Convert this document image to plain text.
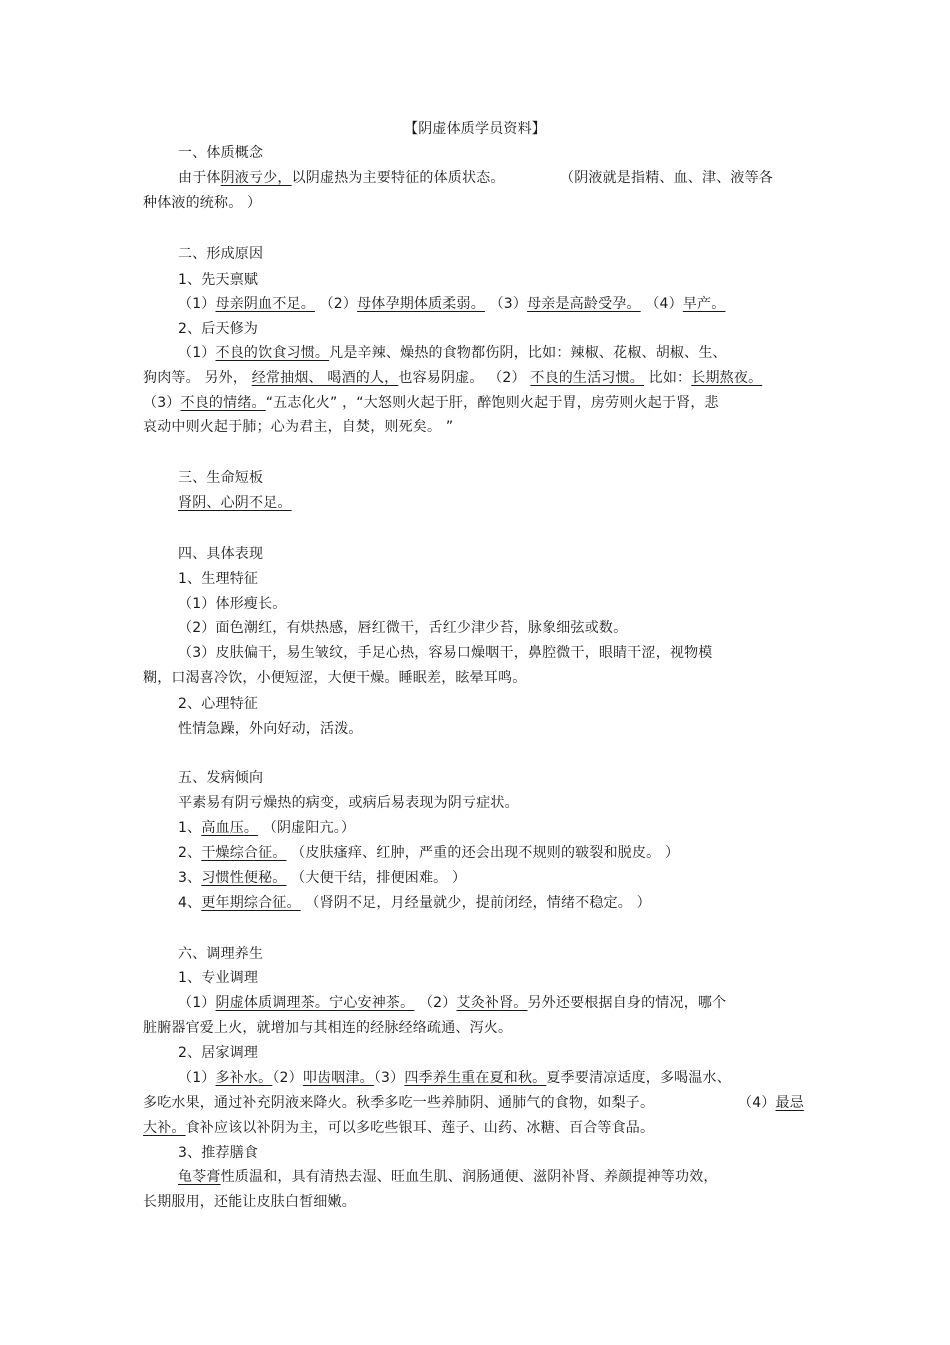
【阴虚体质学员资料】
一、体质概念
由于体阴液亏少，以阴虚热为主要特征的体质状态。	（阴液就是指精、血、津、液等各
种体液的统称。 ）
二、形成原因
1、先天禀赋
（1）母亲阴血不足。 （2）母体孕期体质柔弱。 （3）母亲是高龄受孕。 （4）早产。
2、后天修为
（1）不良的饮食习惯。凡是辛辣、燥热的食物都伤阴，比如：辣椒、花椒、胡椒、生、
狗肉等。 另外， 经常抽烟、 喝酒的人，也容易阴虚。 （2） 不良的生活习惯。 比如：长期熬夜。
（3）不良的情绪。“五志化火” ，“大怒则火起于肝，醉饱则火起于胃，房劳则火起于肾，悲
哀动中则火起于肺；心为君主，自焚，则死矣。 ”
三、生命短板
肾阴、心阴不足。
四、具体表现
1、生理特征
（1）体形瘦长。
（2）面色潮红，有烘热感，唇红微干，舌红少津少苔，脉象细弦或数。
（3）皮肤偏干，易生皱纹，手足心热，容易口燥咽干，鼻腔微干，眼睛干涩，视物模
糊，口渴喜冷饮，小便短涩，大便干燥。睡眠差，眩晕耳鸣。
2、心理特征
性情急躁，外向好动，活泼。
五、发病倾向
平素易有阴亏燥热的病变，或病后易表现为阴亏症状。
1、高血压。 （阴虚阳亢。）
2、干燥综合征。 （皮肤瘙痒、红肿，严重的还会出现不规则的皲裂和脱皮。 ）
3、习惯性便秘。 （大便干结，排便困难。 ）
4、更年期综合征。 （肾阴不足，月经量就少，提前闭经，情绪不稳定。 ）
六、调理养生
1、专业调理
（1）阴虚体质调理茶。宁心安神茶。 （2）艾灸补肾。另外还要根据自身的情况，哪个
脏腑器官爱上火，就增加与其相连的经脉经络疏通、泻火。
2、居家调理
（1）多补水。（2）叩齿咽津。（3）四季养生重在夏和秋。夏季要清凉适度，多喝温水、
多吃水果，通过补充阴液来降火。秋季多吃一些养肺阴、通肺气的食物，如梨子。	（4）最忌
大补。食补应该以补阴为主，可以多吃些银耳、莲子、山药、冰糖、百合等食品。
3、推荐膳食
龟苓膏性质温和，具有清热去湿、旺血生肌、润肠通便、滋阴补肾、养颜提神等功效，
长期服用，还能让皮肤白皙细嫩。
